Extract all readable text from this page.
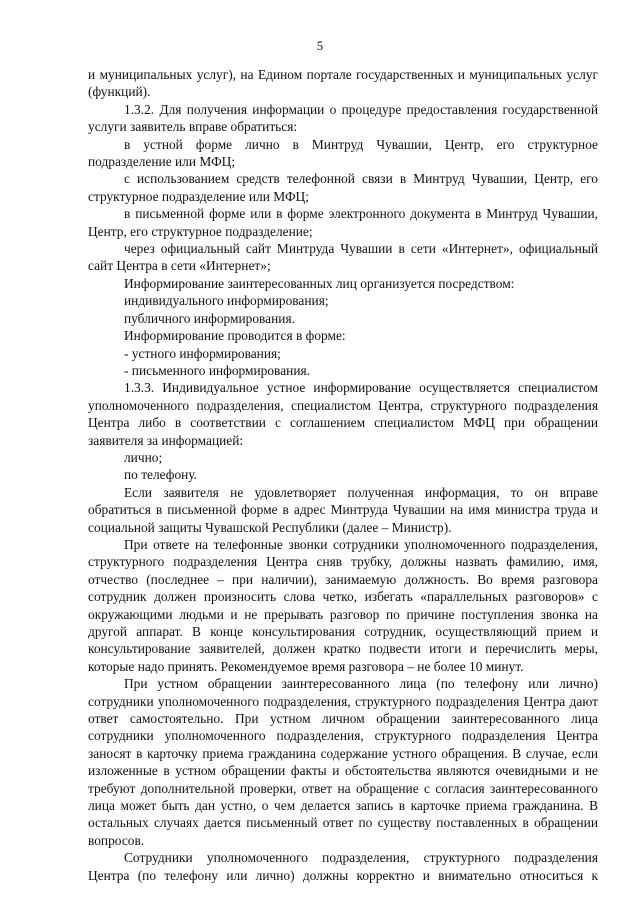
5

и муниципальных услуг), на Едином портале государственных и муниципальных услуг (функций).

1.3.2. Для получения информации о процедуре предоставления государственной услуги заявитель вправе обратиться:

в устной форме лично в Минтруд Чувашии, Центр, его структурное подразделение или МФЦ;

с использованием средств телефонной связи в Минтруд Чувашии, Центр, его структурное подразделение или МФЦ;

в письменной форме или в форме электронного документа в Минтруд Чувашии, Центр, его структурное подразделение;

через официальный сайт Минтруда Чувашии в сети «Интернет», официальный сайт Центра в сети «Интернет»;

Информирование заинтересованных лиц организуется посредством:

индивидуального информирования;

публичного информирования.

Информирование проводится в форме:

- устного информирования;

- письменного информирования.

1.3.3. Индивидуальное устное информирование осуществляется специалистом уполномоченного подразделения, специалистом Центра, структурного подразделения Центра либо в соответствии с соглашением специалистом МФЦ при обращении заявителя за информацией:

лично;

по телефону.

Если заявителя не удовлетворяет полученная информация, то он вправе обратиться в письменной форме в адрес Минтруда Чувашии на имя министра труда и социальной защиты Чувашской Республики (далее – Министр).

При ответе на телефонные звонки сотрудники уполномоченного подразделения, структурного подразделения Центра сняв трубку, должны назвать фамилию, имя, отчество (последнее – при наличии), занимаемую должность. Во время разговора сотрудник должен произносить слова четко, избегать «параллельных разговоров» с окружающими людьми и не прерывать разговор по причине поступления звонка на другой аппарат. В конце консультирования сотрудник, осуществляющий прием и консультирование заявителей, должен кратко подвести итоги и перечислить меры, которые надо принять. Рекомендуемое время разговора – не более 10 минут.

При устном обращении заинтересованного лица (по телефону или лично) сотрудники уполномоченного подразделения, структурного подразделения Центра дают ответ самостоятельно. При устном личном обращении заинтересованного лица сотрудники уполномоченного подразделения, структурного подразделения Центра заносят в карточку приема гражданина содержание устного обращения. В случае, если изложенные в устном обращении факты и обстоятельства являются очевидными и не требуют дополнительной проверки, ответ на обращение с согласия заинтересованного лица может быть дан устно, о чем делается запись в карточке приема гражданина. В остальных случаях дается письменный ответ по существу поставленных в обращении вопросов.

Сотрудники уполномоченного подразделения, структурного подразделения Центра (по телефону или лично) должны корректно и внимательно относиться к
